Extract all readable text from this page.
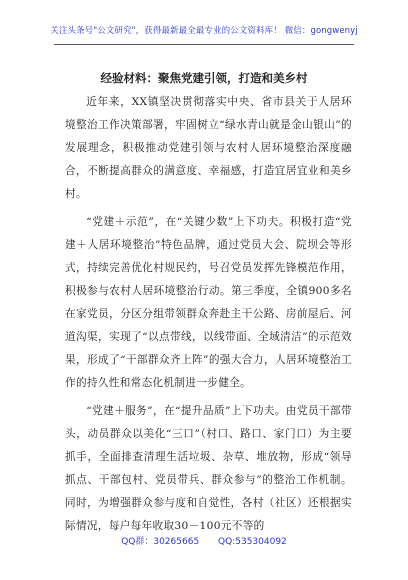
关注头条号"公文研究"，获得最新最全最专业的公文资料库！ 微信：gongwenyj
经验材料：聚焦党建引领，打造和美乡村

近年来，XX镇坚决贯彻落实中央、省市县关于人居环境整治工作决策部署，牢固树立“绿水青山就是金山银山”的发展理念，积极推动党建引领与农村人居环境整治深度融合，不断提高群众的满意度、幸福感，打造宜居宜业和美乡村。

“党建＋示范”，在“关键少数”上下功夫。积极打造“党建＋人居环境整治”特色品牌，通过党员大会、院坝会等形式，持续完善优化村规民约，号召党员发挥先锋模范作用，积极参与农村人居环境整治行动。第三季度，全镇900多名在家党员，分区分组带领群众奔赴主干公路、房前屋后、河道沟渠，实现了“以点带线，以线带面、全域清洁”的示范效果，形成了“干部群众齐上阵”的强大合力，人居环境整治工作的持久性和常态化机制进一步健全。

“党建＋服务”，在“提升品质”上下功夫。由党员干部带头，动员群众以美化“三口”（村口、路口、家门口）为主要抓手，全面排查清理生活垃圾、杂草、堆放物，形成“领导抓点、干部包村、党员带兵、群众参与”的整治工作机制。同时，为增强群众参与度和自觉性，各村（社区）还根据实际情况，每户每年收取30－100元不等的

QQ群：30265665 QQ:535304092
